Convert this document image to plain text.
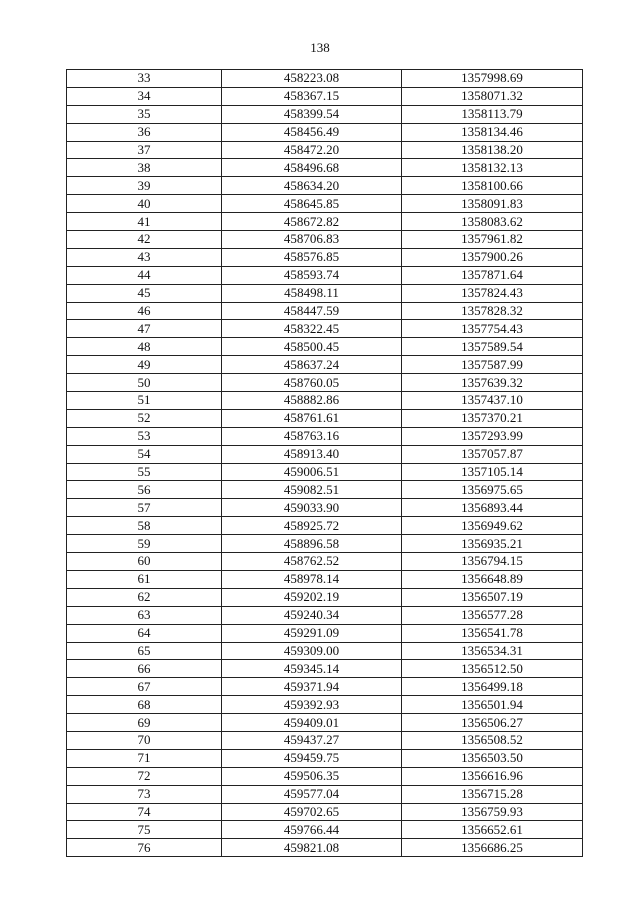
138
33	458223.08	1357998.69
34	458367.15	1358071.32
35	458399.54	1358113.79
36	458456.49	1358134.46
37	458472.20	1358138.20
38	458496.68	1358132.13
39	458634.20	1358100.66
40	458645.85	1358091.83
41	458672.82	1358083.62
42	458706.83	1357961.82
43	458576.85	1357900.26
44	458593.74	1357871.64
45	458498.11	1357824.43
46	458447.59	1357828.32
47	458322.45	1357754.43
48	458500.45	1357589.54
49	458637.24	1357587.99
50	458760.05	1357639.32
51	458882.86	1357437.10
52	458761.61	1357370.21
53	458763.16	1357293.99
54	458913.40	1357057.87
55	459006.51	1357105.14
56	459082.51	1356975.65
57	459033.90	1356893.44
58	458925.72	1356949.62
59	458896.58	1356935.21
60	458762.52	1356794.15
61	458978.14	1356648.89
62	459202.19	1356507.19
63	459240.34	1356577.28
64	459291.09	1356541.78
65	459309.00	1356534.31
66	459345.14	1356512.50
67	459371.94	1356499.18
68	459392.93	1356501.94
69	459409.01	1356506.27
70	459437.27	1356508.52
71	459459.75	1356503.50
72	459506.35	1356616.96
73	459577.04	1356715.28
74	459702.65	1356759.93
75	459766.44	1356652.61
76	459821.08	1356686.25
